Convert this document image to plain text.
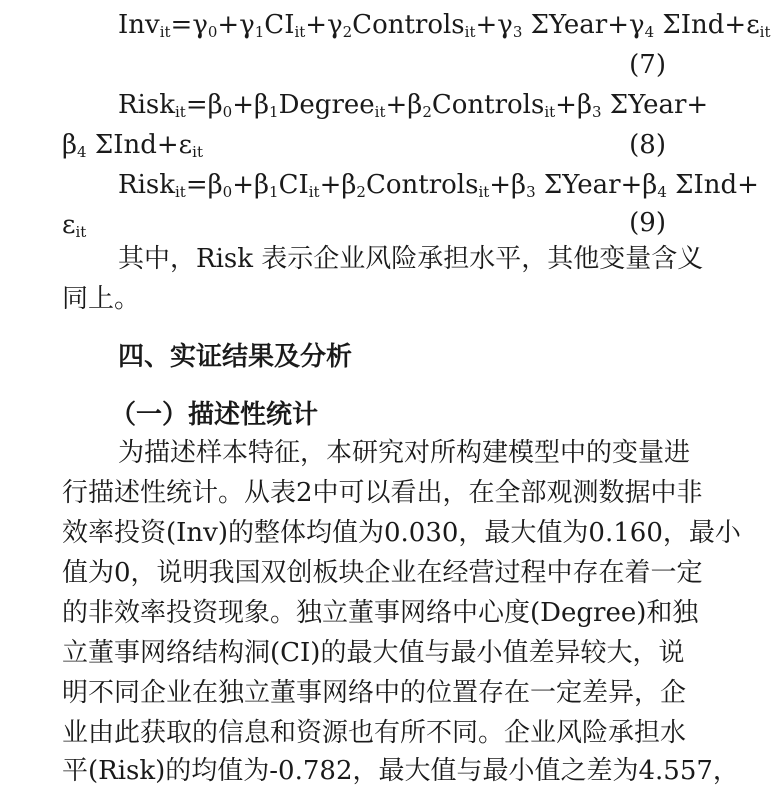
$Inv_{it}=\gamma_0+\gamma_1CI_{it}+\gamma_2Controls_{it}+\gamma_3$ $\Sigma Year+\gamma_4$ $\Sigma Ind+\varepsilon_{it}$
(7)
$Risk_{it}=\beta_0+\beta_1Degree_{it}+\beta_2Controls_{it}+\beta_3$ ΣYear+
$\beta_4$ $\Sigma Ind+\varepsilon_{it}$	(8)
$Risk_{it}=\beta_0+\beta_1CI_{it}+\beta_2Controls_{it}+\beta_3$ $\Sigma Year+\beta_4$ ΣInd+
$\varepsilon_{it}$	(9)
其中，Risk 表示企业风险承担水平，其他变量含义
同上。
四、实证结果及分析
（一）描述性统计
为描述样本特征，本研究对所构建模型中的变量进
行描述性统计。从表2中可以看出，在全部观测数据中非
效率投资(Inv)的整体均值为0.030，最大值为0.160，最小
值为0，说明我国双创板块企业在经营过程中存在着一定
的非效率投资现象。独立董事网络中心度(Degree)和独
立董事网络结构洞(CI)的最大值与最小值差异较大，说
明不同企业在独立董事网络中的位置存在一定差异，企
业由此获取的信息和资源也有所不同。企业风险承担水
平(Risk)的均值为-0.782，最大值与最小值之差为4.557，
